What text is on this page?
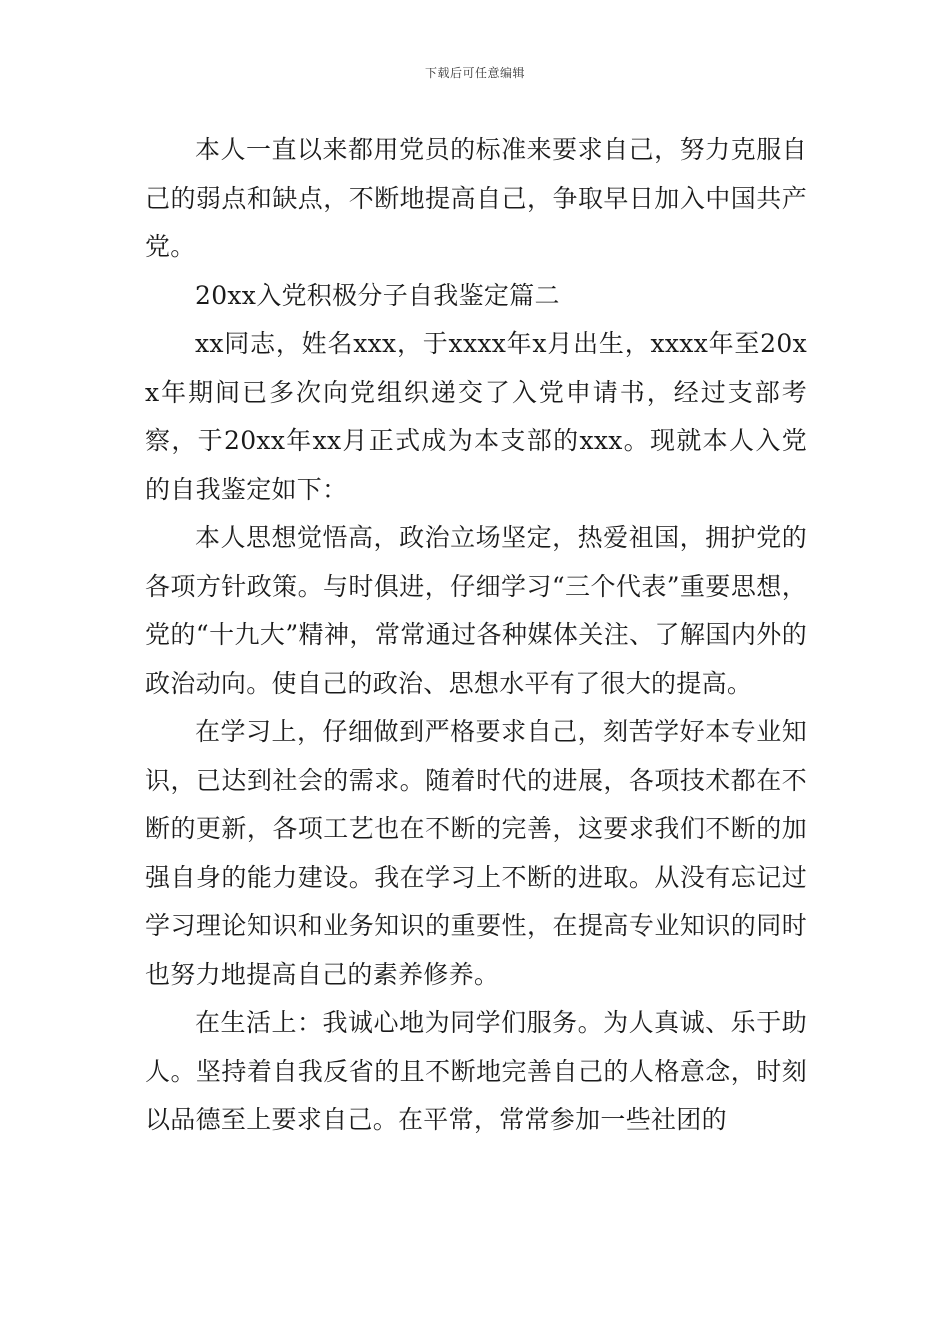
下载后可任意编辑

本人一直以来都用党员的标准来要求自己，努力克服自己的弱点和缺点，不断地提高自己，争取早日加入中国共产党。

20xx入党积极分子自我鉴定篇二

xx同志，姓名xxx，于xxxx年x月出生，xxxx年至20xx年期间已多次向党组织递交了入党申请书，经过支部考察，于20xx年xx月正式成为本支部的xxx。现就本人入党的自我鉴定如下：

本人思想觉悟高，政治立场坚定，热爱祖国，拥护党的各项方针政策。与时俱进，仔细学习“三个代表”重要思想，党的“十九大”精神，常常通过各种媒体关注、了解国内外的政治动向。使自己的政治、思想水平有了很大的提高。

在学习上，仔细做到严格要求自己，刻苦学好本专业知识，已达到社会的需求。随着时代的进展，各项技术都在不断的更新，各项工艺也在不断的完善，这要求我们不断的加强自身的能力建设。我在学习上不断的进取。从没有忘记过学习理论知识和业务知识的重要性，在提高专业知识的同时也努力地提高自己的素养修养。

在生活上：我诚心地为同学们服务。为人真诚、乐于助人。坚持着自我反省的且不断地完善自己的人格意念，时刻以品德至上要求自己。在平常，常常参加一些社团的
